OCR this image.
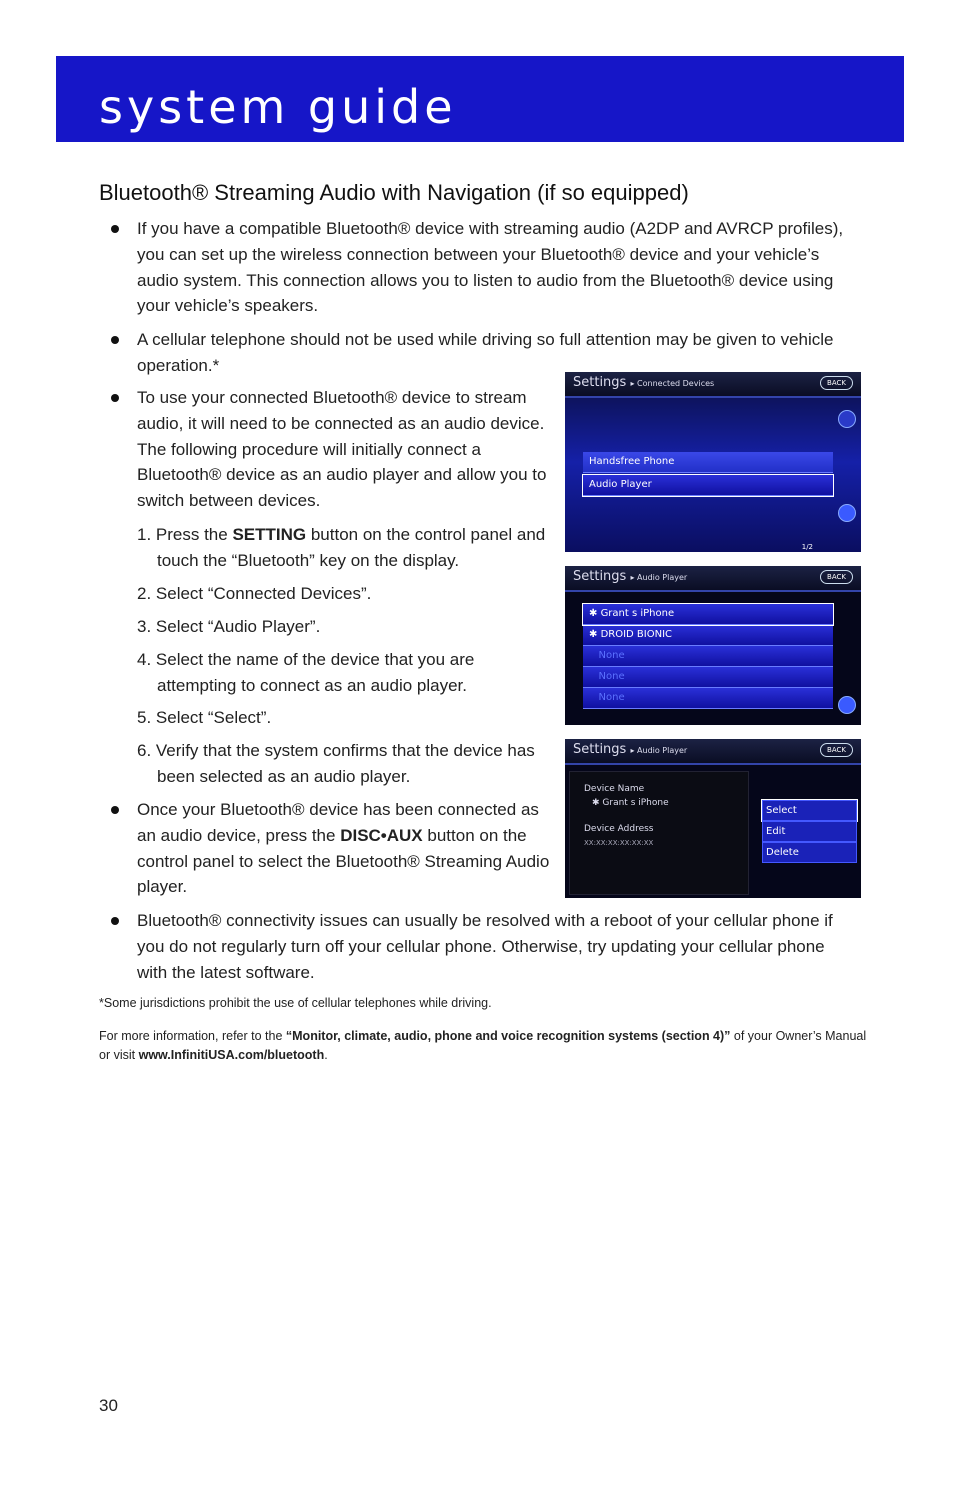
system guide
Bluetooth® Streaming Audio with Navigation (if so equipped)
If you have a compatible Bluetooth® device with streaming audio (A2DP and AVRCP profiles), you can set up the wireless connection between your Bluetooth® device and your vehicle’s audio system. This connection allows you to listen to audio from the Bluetooth® device using your vehicle’s speakers.
A cellular telephone should not be used while driving so full attention may be given to vehicle operation.*
To use your connected Bluetooth® device to stream audio, it will need to be connected as an audio device. The following procedure will initially connect a Bluetooth® device as an audio player and allow you to switch between devices.
1. Press the SETTING button on the control panel and touch the “Bluetooth” key on the display.
2. Select “Connected Devices”.
3. Select “Audio Player”.
4. Select the name of the device that you are attempting to connect as an audio player.
5. Select “Select”.
6. Verify that the system confirms that the device has been selected as an audio player.
Once your Bluetooth® device has been connected as an audio device, press the DISC•AUX button on the control panel to select the Bluetooth® Streaming Audio player.
Bluetooth® connectivity issues can usually be resolved with a reboot of your cellular phone if you do not regularly turn off your cellular phone. Otherwise, try updating your cellular phone with the latest software.
*Some jurisdictions prohibit the use of cellular telephones while driving.
For more information, refer to the “Monitor, climate, audio, phone and voice recognition systems (section 4)” of your Owner’s Manual or visit www.InfinitiUSA.com/bluetooth.
30
Settings ▸ Connected Devices	BACK
Handsfree Phone
Audio Player
1/2
Settings ▸ Audio Player	BACK
✱ Grant s iPhone
✱ DROID BIONIC
None
None
None
Settings ▸ Audio Player	BACK
Device Name
✱ Grant s iPhone
Device Address
XX:XX:XX:XX:XX:XX
Select
Edit
Delete
